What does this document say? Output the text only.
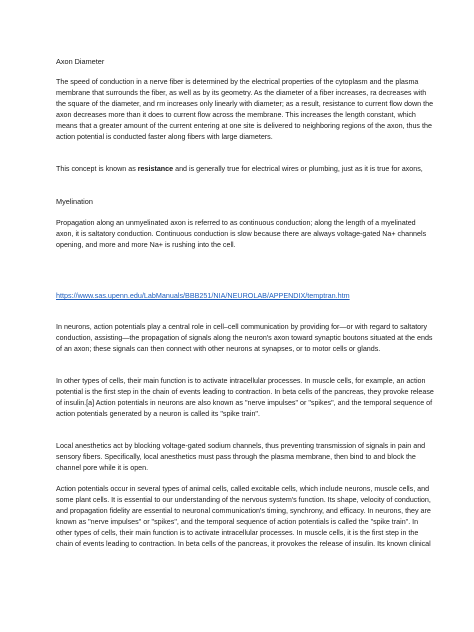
Axon Diameter

The speed of conduction in a nerve fiber is determined by the electrical properties of the cytoplasm and the plasma membrane that surrounds the fiber, as well as by its geometry. As the diameter of a fiber increases, ra decreases with the square of the diameter, and rm increases only linearly with diameter; as a result, resistance to current flow down the axon decreases more than it does to current flow across the membrane. This increases the length constant, which means that a greater amount of the current entering at one site is delivered to neighboring regions of the axon, thus the action potential is conducted faster along fibers with large diameters.

This concept is known as resistance and is generally true for electrical wires or plumbing, just as it is true for axons,

Myelination

Propagation along an unmyelinated axon is referred to as continuous conduction; along the length of a myelinated axon, it is saltatory conduction. Continuous conduction is slow because there are always voltage-gated Na+ channels opening, and more and more Na+ is rushing into the cell.

https://www.sas.upenn.edu/LabManuals/BBB251/NIA/NEUROLAB/APPENDIX/temptran.htm

In neurons, action potentials play a central role in cell–cell communication by providing for—or with regard to saltatory conduction, assisting—the propagation of signals along the neuron's axon toward synaptic boutons situated at the ends of an axon; these signals can then connect with other neurons at synapses, or to motor cells or glands.

In other types of cells, their main function is to activate intracellular processes. In muscle cells, for example, an action potential is the first step in the chain of events leading to contraction. In beta cells of the pancreas, they provoke release of insulin.[a] Action potentials in neurons are also known as "nerve impulses" or "spikes", and the temporal sequence of action potentials generated by a neuron is called its "spike train".

Local anesthetics act by blocking voltage-gated sodium channels, thus preventing transmission of signals in pain and sensory fibers. Specifically, local anesthetics must pass through the plasma membrane, then bind to and block the channel pore while it is open.

Action potentials occur in several types of animal cells, called excitable cells, which include neurons, muscle cells, and some plant cells. It is essential to our understanding of the nervous system's function. Its shape, velocity of conduction, and propagation fidelity are essential to neuronal communication's timing, synchrony, and efficacy. In neurons, they are known as "nerve impulses" or "spikes", and the temporal sequence of action potentials is called the "spike train". In other types of cells, their main function is to activate intracellular processes. In muscle cells, it is the first step in the chain of events leading to contraction. In beta cells of the pancreas, it provokes the release of insulin. Its known clinical
